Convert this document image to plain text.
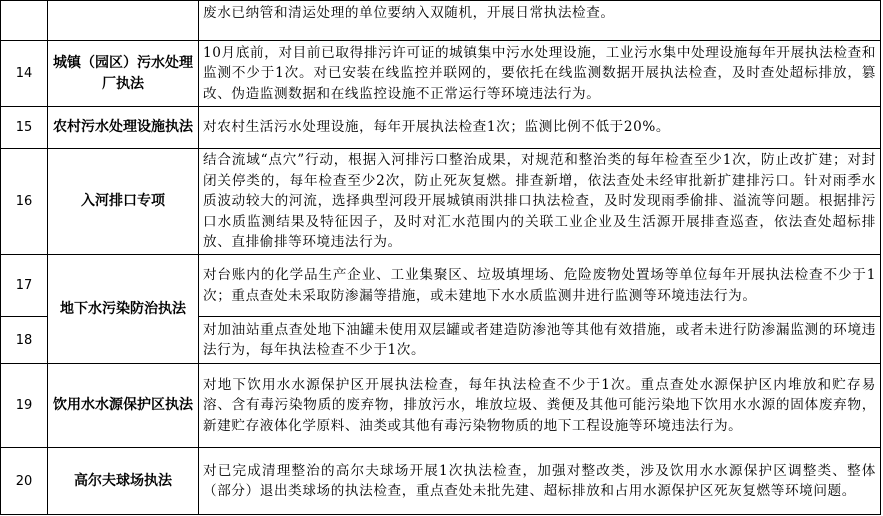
		废水已纳管和清运处理的单位要纳入双随机，开展日常执法检查。
14	城镇（园区）污水处理厂执法	10月底前，对目前已取得排污许可证的城镇集中污水处理设施，工业污水集中处理设施每年开展执法检查和监测不少于1次。对已安装在线监控并联网的，要依托在线监测数据开展执法检查，及时查处超标排放，篡改、伪造监测数据和在线监控设施不正常运行等环境违法行为。
15	农村污水处理设施执法	对农村生活污水处理设施，每年开展执法检查1次；监测比例不低于20%。
16	入河排口专项	结合流域“点穴”行动，根据入河排污口整治成果，对规范和整治类的每年检查至少1次，防止改扩建；对封闭关停类的，每年检查至少2次，防止死灰复燃。排查新增，依法查处未经审批新扩建排污口。针对雨季水质波动较大的河流，选择典型河段开展城镇雨洪排口执法检查，及时发现雨季偷排、溢流等问题。根据排污口水质监测结果及特征因子，及时对汇水范围内的关联工业企业及生活源开展排查巡查，依法查处超标排放、直排偷排等环境违法行为。
17	地下水污染防治执法	对台账内的化学品生产企业、工业集聚区、垃圾填埋场、危险废物处置场等单位每年开展执法检查不少于1次；重点查处未采取防渗漏等措施，或未建地下水水质监测井进行监测等环境违法行为。
18		对加油站重点查处地下油罐未使用双层罐或者建造防渗池等其他有效措施，或者未进行防渗漏监测的环境违法行为，每年执法检查不少于1次。
19	饮用水水源保护区执法	对地下饮用水水源保护区开展执法检查，每年执法检查不少于1次。重点查处水源保护区内堆放和贮存易溶、含有毒污染物质的废弃物，排放污水，堆放垃圾、粪便及其他可能污染地下饮用水水源的固体废弃物，新建贮存液体化学原料、油类或其他有毒污染物物质的地下工程设施等环境违法行为。
20	高尔夫球场执法	对已完成清理整治的高尔夫球场开展1次执法检查，加强对整改类，涉及饮用水水源保护区调整类、整体（部分）退出类球场的执法检查，重点查处未批先建、超标排放和占用水源保护区死灰复燃等环境问题。
